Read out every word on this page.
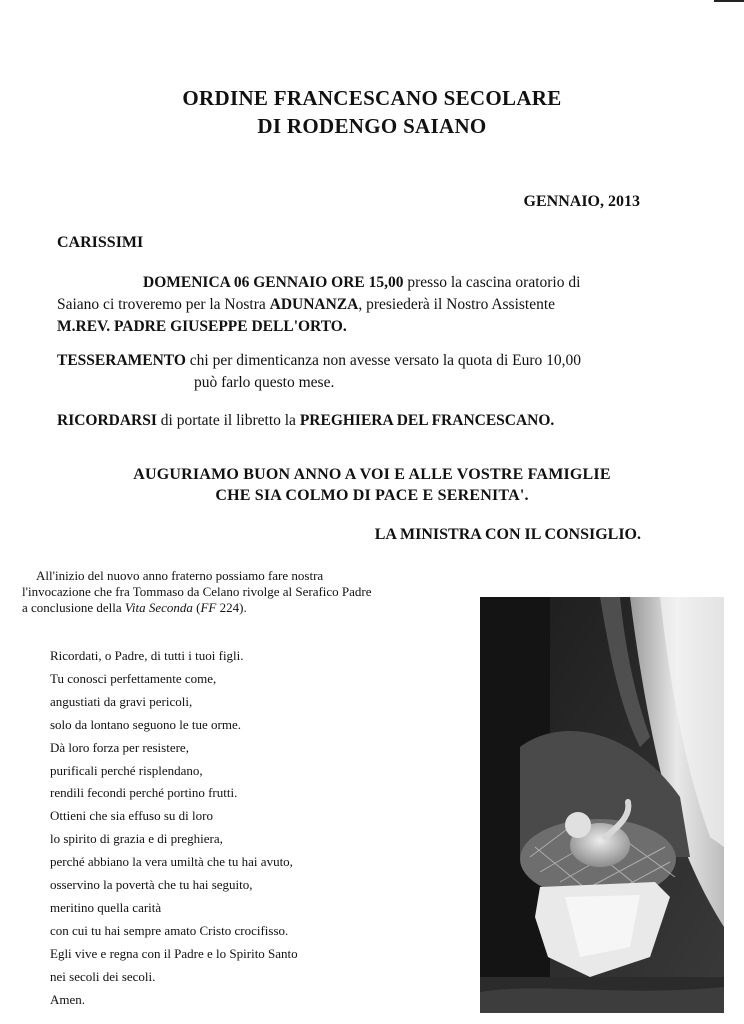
ORDINE FRANCESCANO SECOLARE
DI RODENGO SAIANO
GENNAIO, 2013
CARISSIMI
DOMENICA 06 GENNAIO ORE 15,00 presso la cascina oratorio di
Saiano ci troveremo per la Nostra ADUNANZA, presiederà il Nostro Assistente
M.REV. PADRE GIUSEPPE DELL'ORTO.
TESSERAMENTO chi per dimenticanza non avesse versato la quota di Euro 10,00
può farlo questo mese.
RICORDARSI di portate il libretto la PREGHIERA DEL FRANCESCANO.
AUGURIAMO BUON ANNO A VOI E ALLE VOSTRE FAMIGLIE
CHE SIA COLMO DI PACE E SERENITA'.
LA MINISTRA CON IL CONSIGLIO.
All'inizio del nuovo anno fraterno possiamo fare nostra
l'invocazione che fra Tommaso da Celano rivolge al Serafico Padre
a conclusione della Vita Seconda (FF 224).
Ricordati, o Padre, di tutti i tuoi figli.
Tu conosci perfettamente come,
angustiati da gravi pericoli,
solo da lontano seguono le tue orme.
Dà loro forza per resistere,
purificali perché risplendano,
rendili fecondi perché portino frutti.
Ottieni che sia effuso su di loro
lo spirito di grazia e di preghiera,
perché abbiano la vera umiltà che tu hai avuto,
osservino la povertà che tu hai seguito,
meritino quella carità
con cui tu hai sempre amato Cristo crocifisso.
Egli vive e regna con il Padre e lo Spirito Santo
nei secoli dei secoli.
Amen.
